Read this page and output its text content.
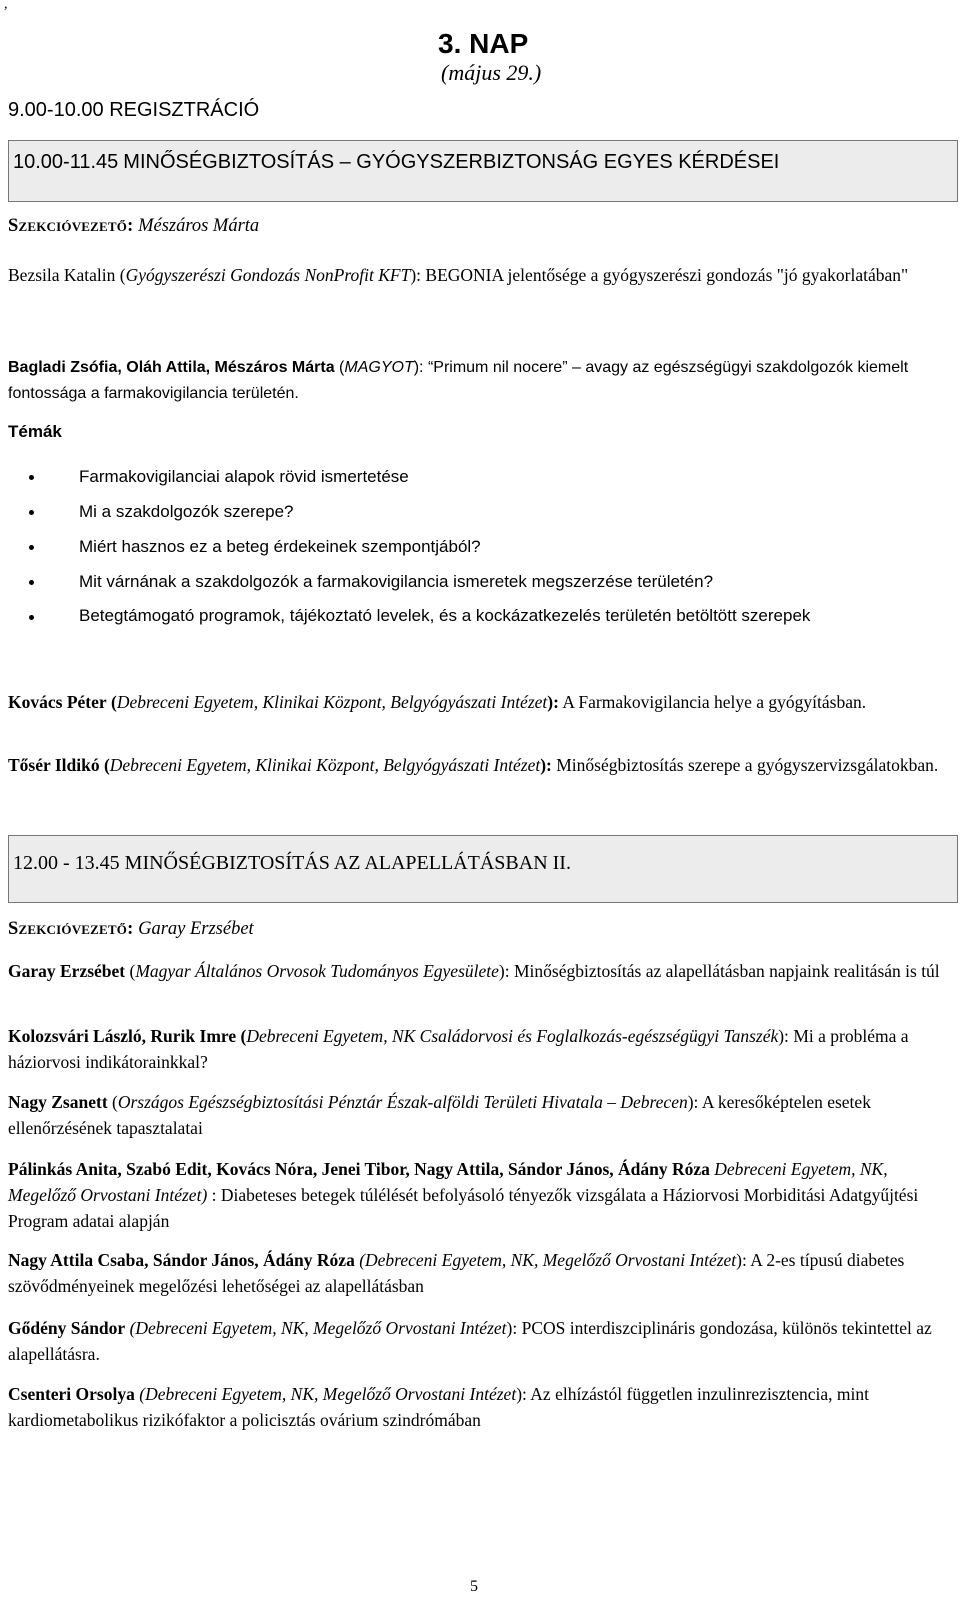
,
3. NAP
(május 29.)
9.00-10.00 REGISZTRÁCIÓ
10.00-11.45 MINŐSÉGBIZTOSÍTÁS – GYÓGYSZERBIZTONSÁG EGYES KÉRDÉSEI
Szekcióvezető: Mészáros Márta
Bezsila Katalin (Gyógyszerészi Gondozás NonProfit KFT): BEGONIA jelentősége a gyógyszerészi gondozás "jó gyakorlatában"
Bagladi Zsófia, Oláh Attila, Mészáros Márta (MAGYOT): “Primum nil nocere” – avagy az egészségügyi szakdolgozók kiemelt fontossága a farmakovigilancia területén.
Témák
Farmakovigilanciai alapok rövid ismertetése
Mi a szakdolgozók szerepe?
Miért hasznos ez a beteg érdekeinek szempontjából?
Mit várnának a szakdolgozók a farmakovigilancia ismeretek megszerzése területén?
Betegtámogató programok, tájékoztató levelek, és a kockázatkezelés területén betöltött szerepek
Kovács Péter (Debreceni Egyetem, Klinikai Központ, Belgyógyászati Intézet): A Farmakovigilancia helye a gyógyításban.
Tősér Ildikó (Debreceni Egyetem, Klinikai Központ, Belgyógyászati Intézet): Minőségbiztosítás szerepe a gyógyszervizsgálatokban.
12.00 - 13.45 MINŐSÉGBIZTOSÍTÁS AZ ALAPELLÁTÁSBAN II.
Szekcióvezető: Garay Erzsébet
Garay Erzsébet (Magyar Általános Orvosok Tudományos Egyesülete): Minőségbiztosítás az alapellátásban napjaink realitásán is túl
Kolozsvári László, Rurik Imre (Debreceni Egyetem, NK Családorvosi és Foglalkozás-egészségügyi Tanszék): Mi a probléma a háziorvosi indikátorainkkal?
Nagy Zsanett (Országos Egészségbiztosítási Pénztár Észak-alföldi Területi Hivatala – Debrecen): A keresőképtelen esetek ellenőrzésének tapasztalatai
Pálinkás Anita, Szabó Edit, Kovács Nóra, Jenei Tibor, Nagy Attila, Sándor János, Ádány Róza Debreceni Egyetem, NK, Megelőző Orvostani Intézet) : Diabeteses betegek túlélését befolyásoló tényezők vizsgálata a Háziorvosi Morbiditási Adatgyűjtési Program adatai alapján
Nagy Attila Csaba, Sándor János, Ádány Róza (Debreceni Egyetem, NK, Megelőző Orvostani Intézet): A 2-es típusú diabetes szövődményeinek megelőzési lehetőségei az alapellátásban
Gődény Sándor (Debreceni Egyetem, NK, Megelőző Orvostani Intézet): PCOS interdiszciplináris gondozása, különös tekintettel az alapellátásra.
Csenteri Orsolya (Debreceni Egyetem, NK, Megelőző Orvostani Intézet): Az elhízástól független inzulinrezisztencia, mint kardiometabolikus rizikófaktor a policisztás ovárium szindrómában
5
